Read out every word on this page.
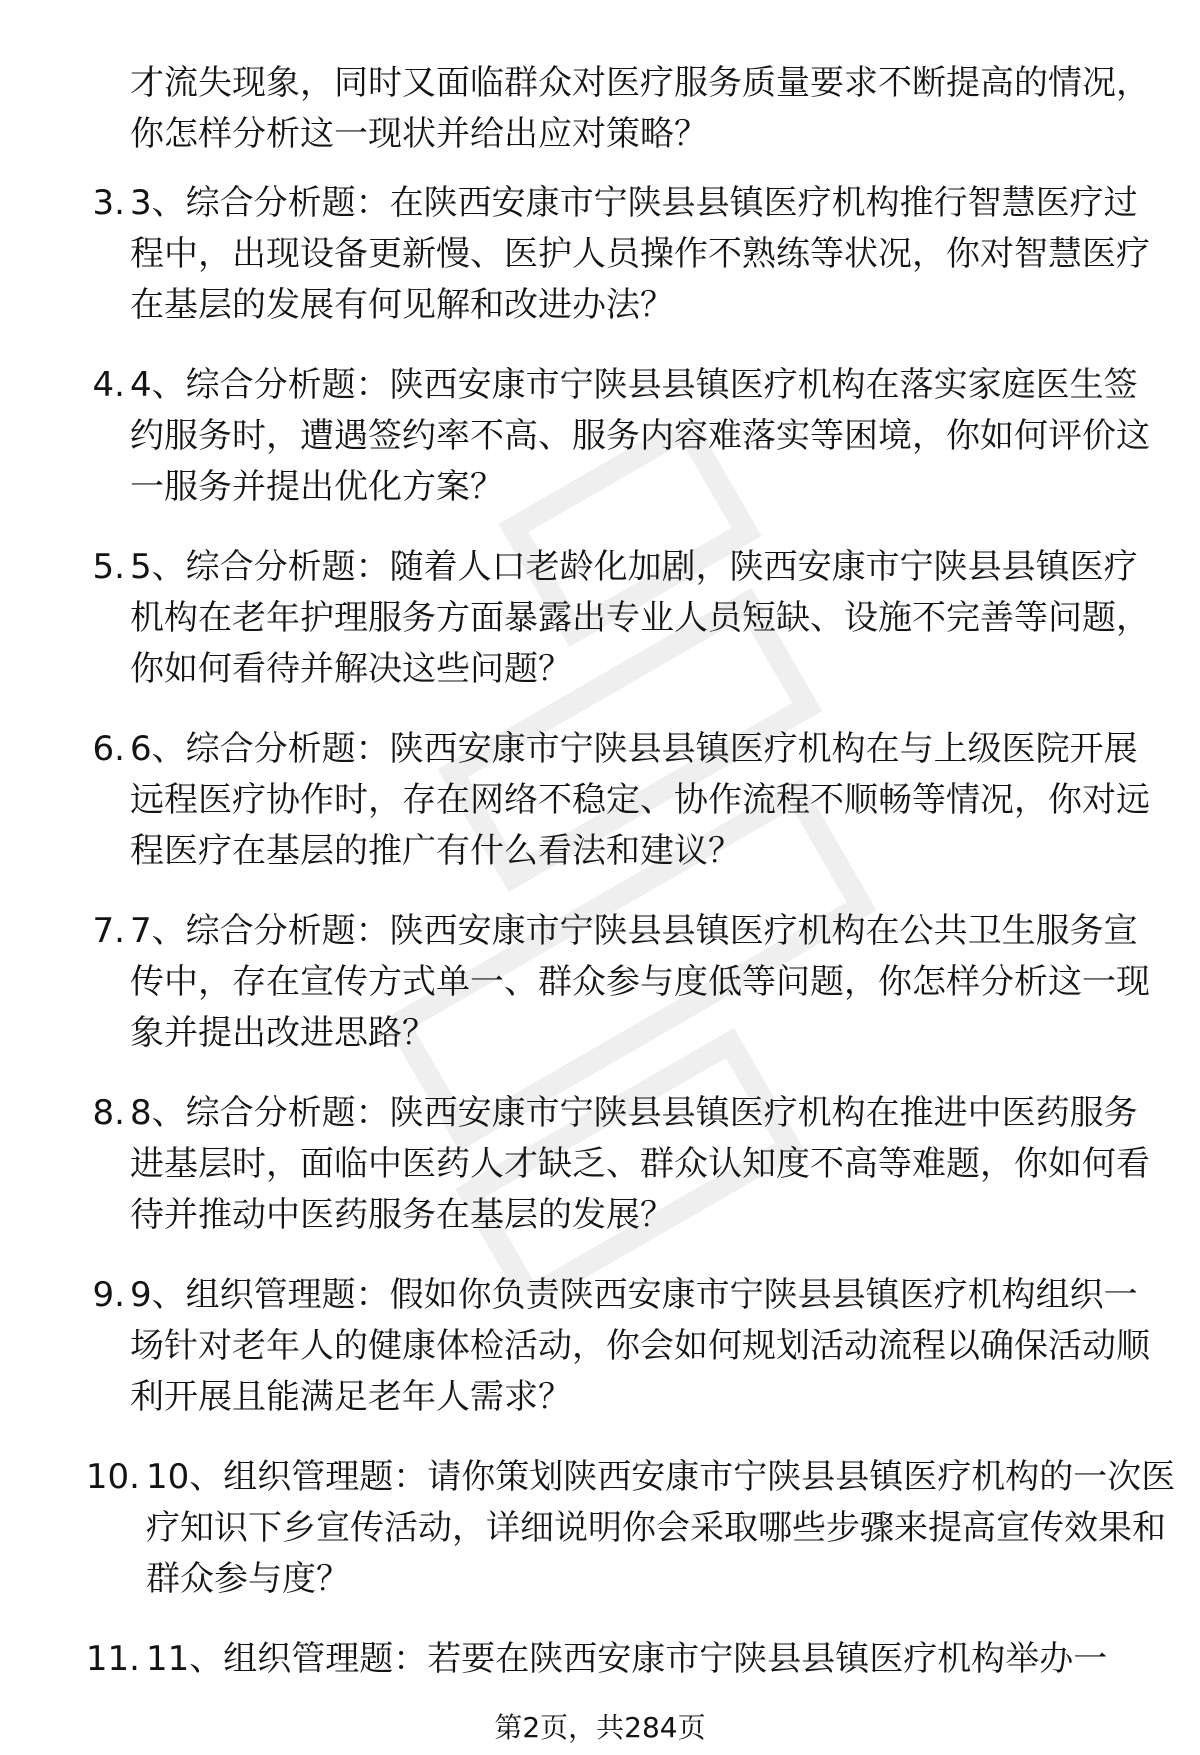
才流失现象，同时又面临群众对医疗服务质量要求不断提高的情况，你怎样分析这一现状并给出应对策略？

3. 3、综合分析题：在陕西安康市宁陕县县镇医疗机构推行智慧医疗过程中，出现设备更新慢、医护人员操作不熟练等状况，你对智慧医疗在基层的发展有何见解和改进办法？

4. 4、综合分析题：陕西安康市宁陕县县镇医疗机构在落实家庭医生签约服务时，遭遇签约率不高、服务内容难落实等困境，你如何评价这一服务并提出优化方案？

5. 5、综合分析题：随着人口老龄化加剧，陕西安康市宁陕县县镇医疗机构在老年护理服务方面暴露出专业人员短缺、设施不完善等问题，你如何看待并解决这些问题？

6. 6、综合分析题：陕西安康市宁陕县县镇医疗机构在与上级医院开展远程医疗协作时，存在网络不稳定、协作流程不顺畅等情况，你对远程医疗在基层的推广有什么看法和建议？

7. 7、综合分析题：陕西安康市宁陕县县镇医疗机构在公共卫生服务宣传中，存在宣传方式单一、群众参与度低等问题，你怎样分析这一现象并提出改进思路？

8. 8、综合分析题：陕西安康市宁陕县县镇医疗机构在推进中医药服务进基层时，面临中医药人才缺乏、群众认知度不高等难题，你如何看待并推动中医药服务在基层的发展？

9. 9、组织管理题：假如你负责陕西安康市宁陕县县镇医疗机构组织一场针对老年人的健康体检活动，你会如何规划活动流程以确保活动顺利开展且能满足老年人需求？

10. 10、组织管理题：请你策划陕西安康市宁陕县县镇医疗机构的一次医疗知识下乡宣传活动，详细说明你会采取哪些步骤来提高宣传效果和群众参与度？

11. 11、组织管理题：若要在陕西安康市宁陕县县镇医疗机构举办一

第2页，共284页
